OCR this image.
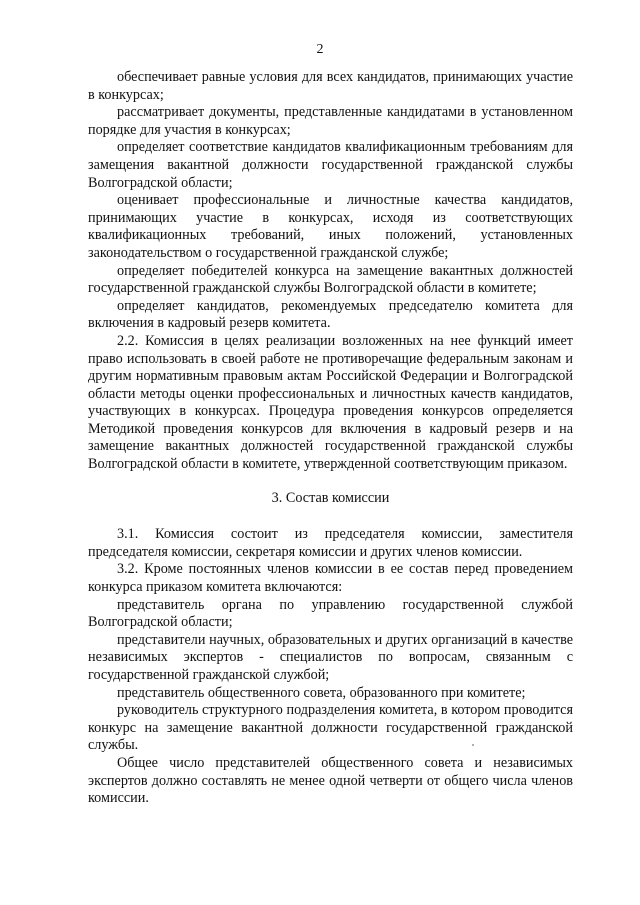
2

обеспечивает равные условия для всех кандидатов, принимающих участие в конкурсах;

рассматривает документы, представленные кандидатами в установленном порядке для участия в конкурсах;

определяет соответствие кандидатов квалификационным требованиям для замещения вакантной должности государственной гражданской службы Волгоградской области;

оценивает профессиональные и личностные качества кандидатов, принимающих участие в конкурсах, исходя из соответствующих квалификационных требований, иных положений, установленных законодательством о государственной гражданской службе;

определяет победителей конкурса на замещение вакантных должностей государственной гражданской службы Волгоградской области в комитете;

определяет кандидатов, рекомендуемых председателю комитета для включения в кадровый резерв комитета.

2.2. Комиссия в целях реализации возложенных на нее функций имеет право использовать в своей работе не противоречащие федеральным законам и другим нормативным правовым актам Российской Федерации и Волгоградской области методы оценки профессиональных и личностных качеств кандидатов, участвующих в конкурсах. Процедура проведения конкурсов определяется Методикой проведения конкурсов для включения в кадровый резерв и на замещение вакантных должностей государственной гражданской службы Волгоградской области в комитете, утвержденной соответствующим приказом.

3. Состав комиссии

3.1. Комиссия состоит из председателя комиссии, заместителя председателя комиссии, секретаря комиссии и других членов комиссии.

3.2. Кроме постоянных членов комиссии в ее состав перед проведением конкурса приказом комитета включаются:

представитель органа по управлению государственной службой Волгоградской области;

представители научных, образовательных и других организаций в качестве независимых экспертов - специалистов по вопросам, связанным с государственной гражданской службой;

представитель общественного совета, образованного при комитете;

руководитель структурного подразделения комитета, в котором проводится конкурс на замещение вакантной должности государственной гражданской службы.

Общее число представителей общественного совета и независимых экспертов должно составлять не менее одной четверти от общего числа членов комиссии.
